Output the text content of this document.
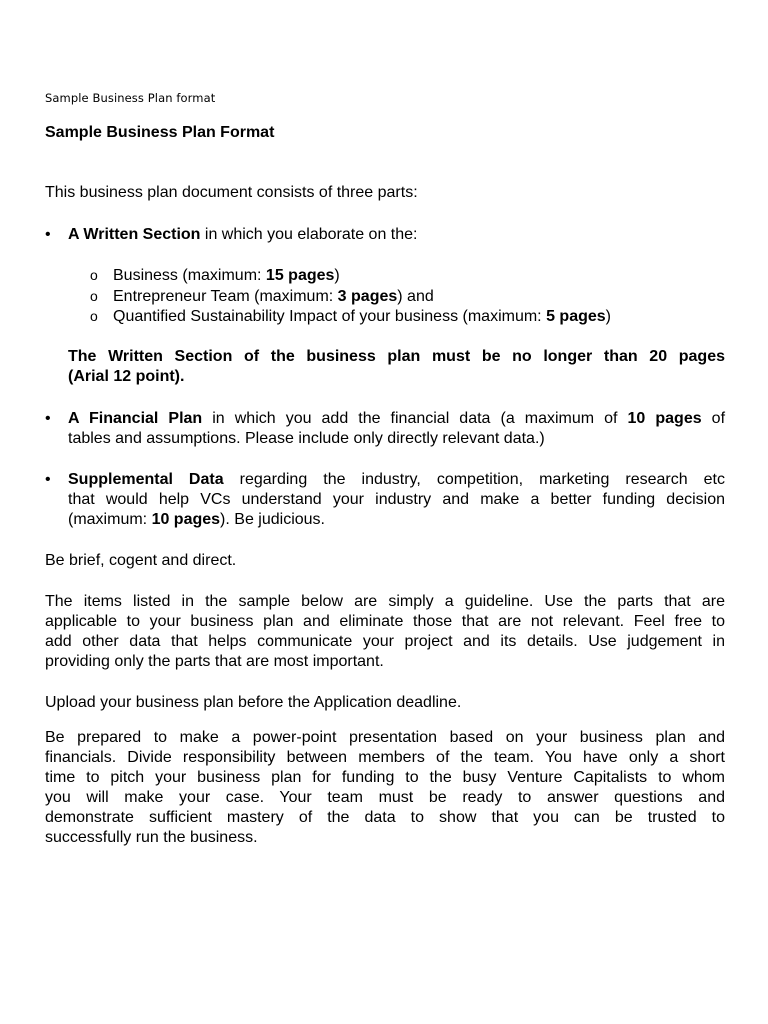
Sample Business Plan format
Sample Business Plan Format
This business plan document consists of three parts:
•	A Written Section in which you elaborate on the:
o Business (maximum: 15 pages)
o Entrepreneur Team (maximum: 3 pages) and
o Quantified Sustainability Impact of your business (maximum: 5 pages)
The Written Section of the business plan must be no longer than 20 pages
(Arial 12 point).
•	A Financial Plan in which you add the financial data (a maximum of 10 pages of
tables and assumptions. Please include only directly relevant data.)
•	Supplemental Data regarding the industry, competition, marketing research etc
that would help VCs understand your industry and make a better funding decision
(maximum: 10 pages). Be judicious.
Be brief, cogent and direct.
The items listed in the sample below are simply a guideline. Use the parts that are
applicable to your business plan and eliminate those that are not relevant. Feel free to
add other data that helps communicate your project and its details. Use judgement in
providing only the parts that are most important.
Upload your business plan before the Application deadline.
Be prepared to make a power-point presentation based on your business plan and
financials. Divide responsibility between members of the team. You have only a short
time to pitch your business plan for funding to the busy Venture Capitalists to whom
you will make your case. Your team must be ready to answer questions and
demonstrate sufficient mastery of the data to show that you can be trusted to
successfully run the business.
